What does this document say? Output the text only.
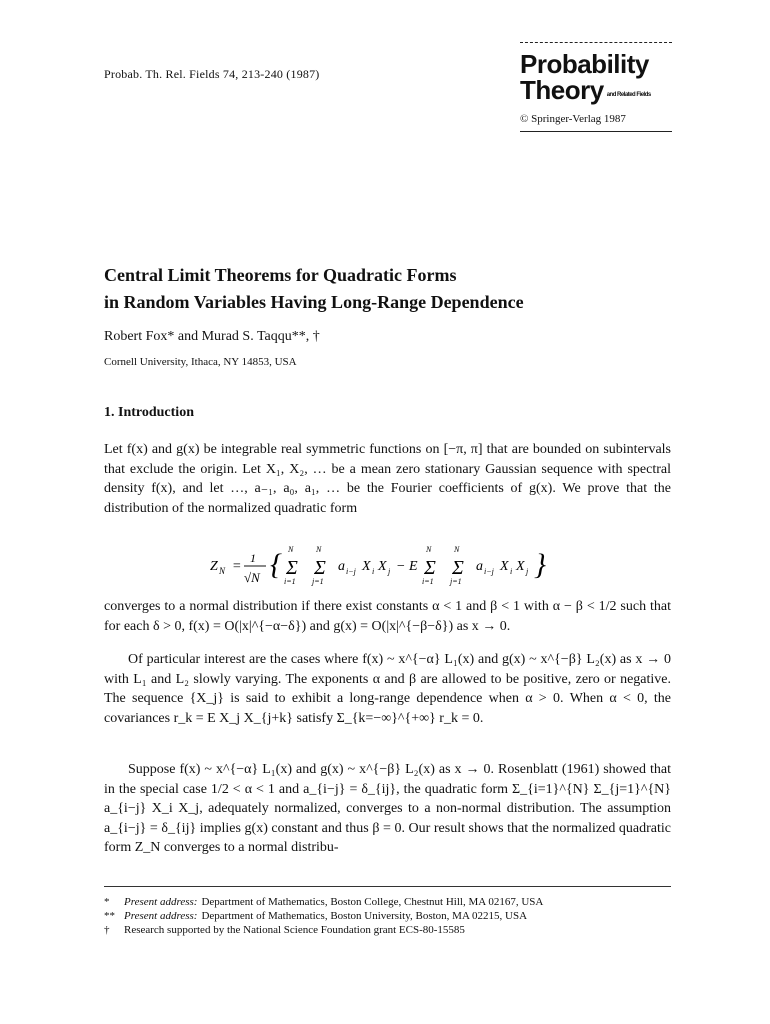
Probab. Th. Rel. Fields 74, 213-240 (1987)	Probability
Theory and Related Fields
© Springer-Verlag 1987
Central Limit Theorems for Quadratic Forms
in Random Variables Having Long-Range Dependence
Robert Fox* and Murad S. Taqqu**, †
Cornell University, Ithaca, NY 14853, USA
1. Introduction
Let f(x) and g(x) be integrable real symmetric functions on [−π, π] that are bounded on subintervals that exclude the origin. Let X₁, X₂, … be a mean zero stationary Gaussian sequence with spectral density f(x), and let …, a₋₁, a₀, a₁, … be the Fourier coefficients of g(x). We prove that the distribution of the normalized quadratic form
Z N =
1
√N { Σ
N
i=1
Σ
N
j=1
a i−j X i X j − E Σ
N
i=1
Σ
N
j=1
a i−j X i X j }
converges to a normal distribution if there exist constants α < 1 and β < 1 with α − β < 1/2 such that for each δ > 0, f(x) = O(|x|^{−α−δ}) and g(x) = O(|x|^{−β−δ}) as x → 0.
Of particular interest are the cases where f(x) ~ x^{−α} L₁(x) and g(x) ~ x^{−β} L₂(x) as x → 0 with L₁ and L₂ slowly varying. The exponents α and β are allowed to be positive, zero or negative. The sequence {X_j} is said to exhibit a long-range dependence when α > 0. When α < 0, the covariances r_k = E X_j X_{j+k} satisfy Σ_{k=−∞}^{+∞} r_k = 0.
Suppose f(x) ~ x^{−α} L₁(x) and g(x) ~ x^{−β} L₂(x) as x → 0. Rosenblatt (1961) showed that in the special case 1/2 < α < 1 and a_{i−j} = δ_{ij}, the quadratic form Σ_{i=1}^{N} Σ_{j=1}^{N} a_{i−j} X_i X_j, adequately normalized, converges to a non-normal distribution. The assumption a_{i−j} = δ_{ij} implies g(x) constant and thus β = 0. Our result shows that the normalized quadratic form Z_N converges to a normal distribu-
*	Present address: Department of Mathematics, Boston College, Chestnut Hill, MA 02167, USA
** Present address: Department of Mathematics, Boston University, Boston, MA 02215, USA
†	Research supported by the National Science Foundation grant ECS-80-15585
